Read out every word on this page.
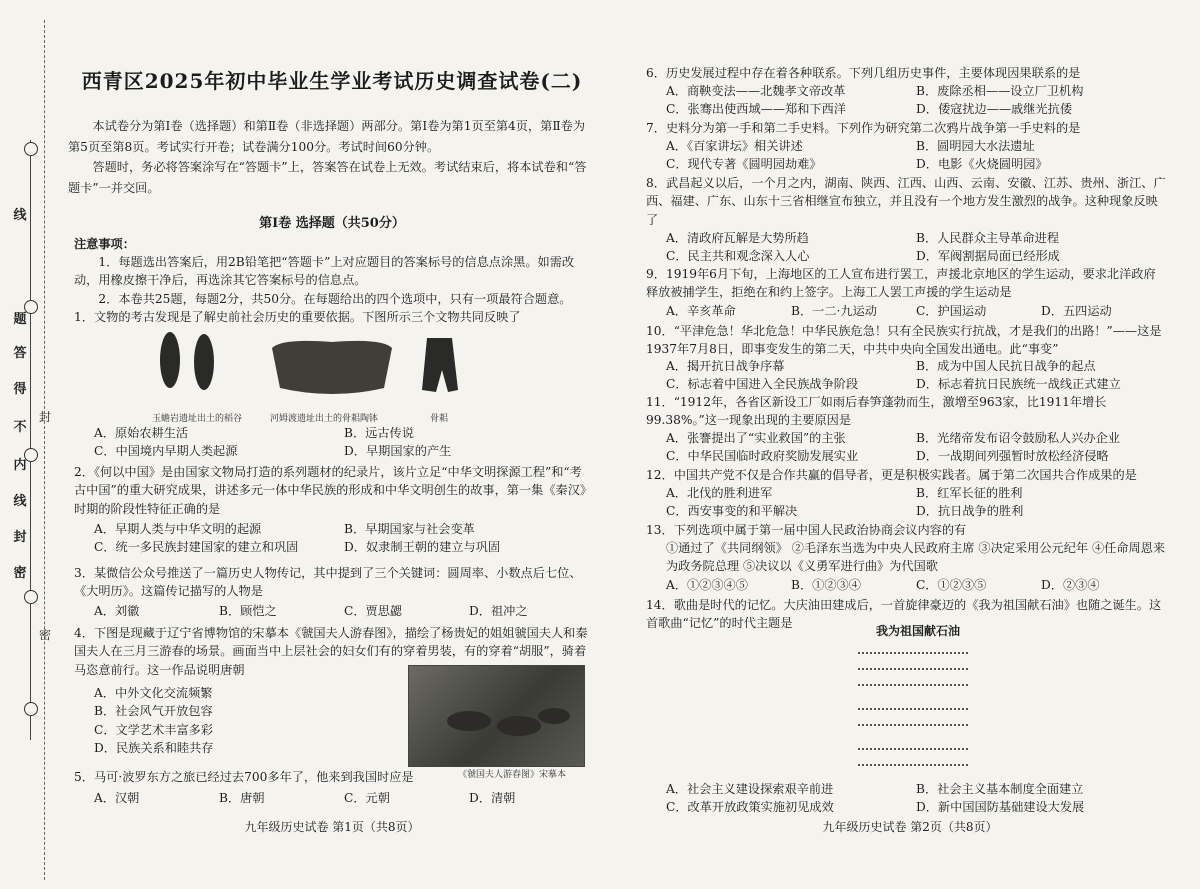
线
题
答
得
不
内
线
封
密
封
密
西青区2025年初中毕业生学业考试历史调查试卷(二)
本试卷分为第Ⅰ卷（选择题）和第Ⅱ卷（非选择题）两部分。第Ⅰ卷为第1页至第4页，第Ⅱ卷为第5页至第8页。考试实行开卷；试卷满分100分。考试时间60分钟。
答题时，务必将答案涂写在“答题卡”上，答案答在试卷上无效。考试结束后，将本试卷和“答题卡”一并交回。
第Ⅰ卷 选择题（共50分）
注意事项：
1．每题选出答案后，用2B铅笔把“答题卡”上对应题目的答案标号的信息点涂黑。如需改动，用橡皮擦干净后，再选涂其它答案标号的信息点。
2．本卷共25题，每题2分，共50分。在每题给出的四个选项中，只有一项最符合题意。
1．文物的考古发现是了解史前社会历史的重要依据。下图所示三个文物共同反映了
玉蟾岩遗址出土的稻谷	河姆渡遗址出土的骨耜陶钵	骨耜
A．原始农耕生活	B．远古传说
C．中国境内早期人类起源	D．早期国家的产生
2．《何以中国》是由国家文物局打造的系列题材的纪录片，该片立足“中华文明探源工程”和“考古中国”的重大研究成果，讲述多元一体中华民族的形成和中华文明创生的故事，第一集《秦汉》时期的阶段性特征正确的是
A．早期人类与中华文明的起源	B．早期国家与社会变革
C．统一多民族封建国家的建立和巩固	D．奴隶制王朝的建立与巩固
3．某微信公众号推送了一篇历史人物传记，其中提到了三个关键词：圆周率、小数点后七位、《大明历》。这篇传记描写的人物是
A．刘徽	B．顾恺之	C．贾思勰	D．祖冲之
4．下图是现藏于辽宁省博物馆的宋摹本《虢国夫人游春图》，描绘了杨贵妃的姐姐虢国夫人和秦国夫人在三月三游春的场景。画面当中上层社会的妇女们有的穿着男装，有的穿着“胡服”，骑着马恣意前行。这一作品说明唐朝
《虢国夫人游春图》宋摹本
A．中外文化交流频繁
B．社会风气开放包容
C．文学艺术丰富多彩
D．民族关系和睦共存
5．马可·波罗东方之旅已经过去700多年了，他来到我国时应是
A．汉朝	B．唐朝	C．元朝	D．清朝
九年级历史试卷 第1页（共8页）
6．历史发展过程中存在着各种联系。下列几组历史事件，主要体现因果联系的是
A．商鞅变法——北魏孝文帝改革	B．废除丞相——设立厂卫机构
C．张骞出使西域——郑和下西洋	D．倭寇扰边——戚继光抗倭
7．史料分为第一手和第二手史料。下列作为研究第二次鸦片战争第一手史料的是
A．《百家讲坛》相关讲述	B．圆明园大水法遗址
C．现代专著《圆明园劫难》	D．电影《火烧圆明园》
8．武昌起义以后，一个月之内，湖南、陕西、江西、山西、云南、安徽、江苏、贵州、浙江、广西、福建、广东、山东十三省相继宣布独立，并且没有一个地方发生激烈的战争。这种现象反映了
A．清政府瓦解是大势所趋	B．人民群众主导革命进程
C．民主共和观念深入人心	D．军阀割据局面已经形成
9．1919年6月下旬，上海地区的工人宣布进行罢工，声援北京地区的学生运动，要求北洋政府释放被捕学生，拒绝在和约上签字。上海工人罢工声援的学生运动是
A．辛亥革命	B．一二·九运动	C．护国运动	D．五四运动
10．“平津危急！华北危急！中华民族危急！只有全民族实行抗战，才是我们的出路！”——这是1937年7月8日，即事变发生的第二天，中共中央向全国发出通电。此“事变”
A．揭开抗日战争序幕	B．成为中国人民抗日战争的起点
C．标志着中国进入全民族战争阶段	D．标志着抗日民族统一战线正式建立
11．“1912年，各省区新设工厂如雨后春笋蓬勃而生，激增至963家，比1911年增长99.38%。”这一现象出现的主要原因是
A．张謇提出了“实业救国”的主张	B．光绪帝发布诏令鼓励私人兴办企业
C．中华民国临时政府奖励发展实业	D．一战期间列强暂时放松经济侵略
12．中国共产党不仅是合作共赢的倡导者，更是积极实践者。属于第二次国共合作成果的是
A．北伐的胜利进军	B．红军长征的胜利
C．西安事变的和平解决	D．抗日战争的胜利
13．下列选项中属于第一届中国人民政治协商会议内容的有
①通过了《共同纲领》 ②毛泽东当选为中央人民政府主席 ③决定采用公元纪年 ④任命周恩来为政务院总理 ⑤决议以《义勇军进行曲》为代国歌
A．①②③④⑤	B．①②③④	C．①②③⑤	D．②③④
14．歌曲是时代的记忆。大庆油田建成后，一首旋律豪迈的《我为祖国献石油》也随之诞生。这首歌曲“记忆”的时代主题是
我为祖国献石油
A．社会主义建设探索艰辛前进	B．社会主义基本制度全面建立
C．改革开放政策实施初见成效	D．新中国国防基础建设大发展
九年级历史试卷 第2页（共8页）
